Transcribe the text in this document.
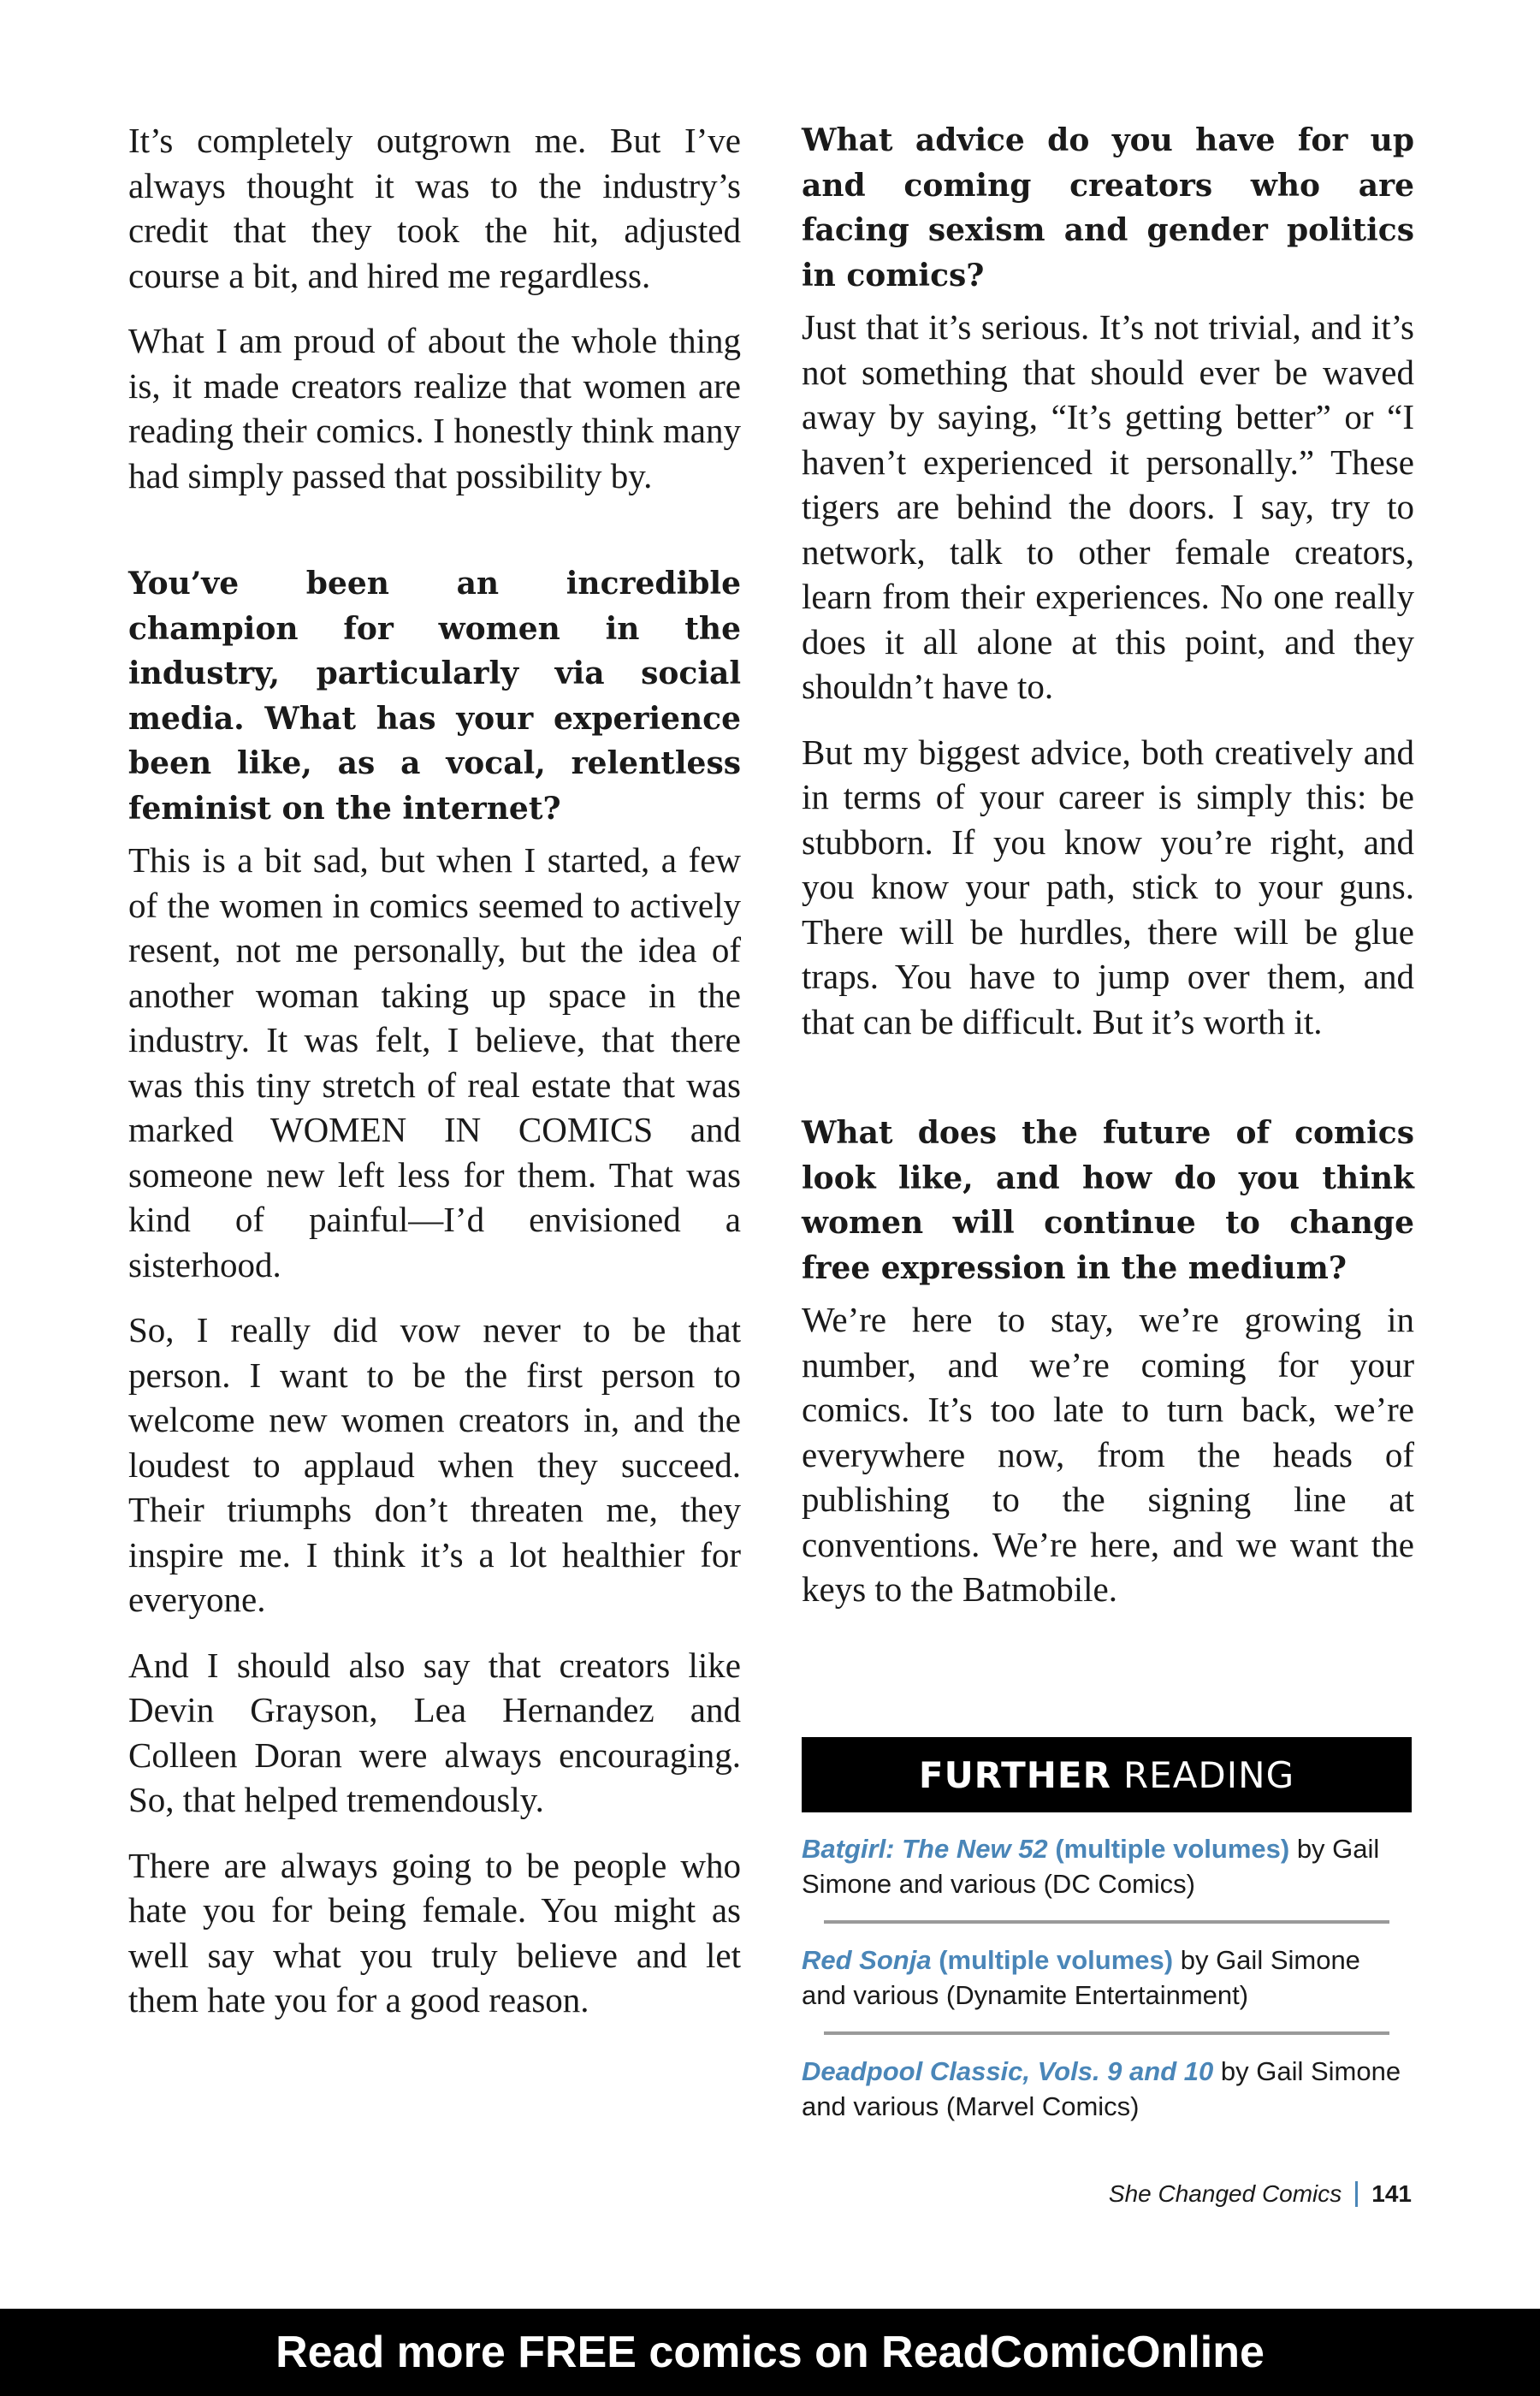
It’s completely outgrown me. But I’ve always thought it was to the industry’s credit that they took the hit, adjusted course a bit, and hired me regardless.

What I am proud of about the whole thing is, it made creators realize that women are reading their comics. I honestly think many had simply passed that possibility by.

You’ve been an incredible champion for women in the industry, particularly via social media. What has your experience been like, as a vocal, relentless feminist on the internet?

This is a bit sad, but when I started, a few of the women in comics seemed to actively resent, not me personally, but the idea of another woman taking up space in the industry. It was felt, I believe, that there was this tiny stretch of real estate that was marked WOMEN IN COMICS and someone new left less for them. That was kind of painful—I’d envisioned a sisterhood.

So, I really did vow never to be that person. I want to be the first person to welcome new women creators in, and the loudest to applaud when they succeed. Their triumphs don’t threaten me, they inspire me. I think it’s a lot healthier for everyone.

And I should also say that creators like Devin Grayson, Lea Hernandez and Colleen Doran were always encouraging. So, that helped tremendously.

There are always going to be people who hate you for being female. You might as well say what you truly believe and let them hate you for a good reason.

What advice do you have for up and coming creators who are facing sexism and gender politics in comics?

Just that it’s serious. It’s not trivial, and it’s not something that should ever be waved away by saying, “It’s getting better” or “I haven’t experienced it personally.” These tigers are behind the doors. I say, try to network, talk to other female creators, learn from their experiences. No one really does it all alone at this point, and they shouldn’t have to.

But my biggest advice, both creatively and in terms of your career is simply this: be stubborn. If you know you’re right, and you know your path, stick to your guns. There will be hurdles, there will be glue traps. You have to jump over them, and that can be difficult. But it’s worth it.

What does the future of comics look like, and how do you think women will continue to change free expression in the medium?

We’re here to stay, we’re growing in number, and we’re coming for your comics. It’s too late to turn back, we’re everywhere now, from the heads of publishing to the signing line at conventions. We’re here, and we want the keys to the Batmobile.

FURTHER READING

Batgirl: The New 52 (multiple volumes) by Gail Simone and various (DC Comics)

Red Sonja (multiple volumes) by Gail Simone and various (Dynamite Entertainment)

Deadpool Classic, Vols. 9 and 10 by Gail Simone and various (Marvel Comics)

She Changed Comics 141
Read more FREE comics on ReadComicOnline
